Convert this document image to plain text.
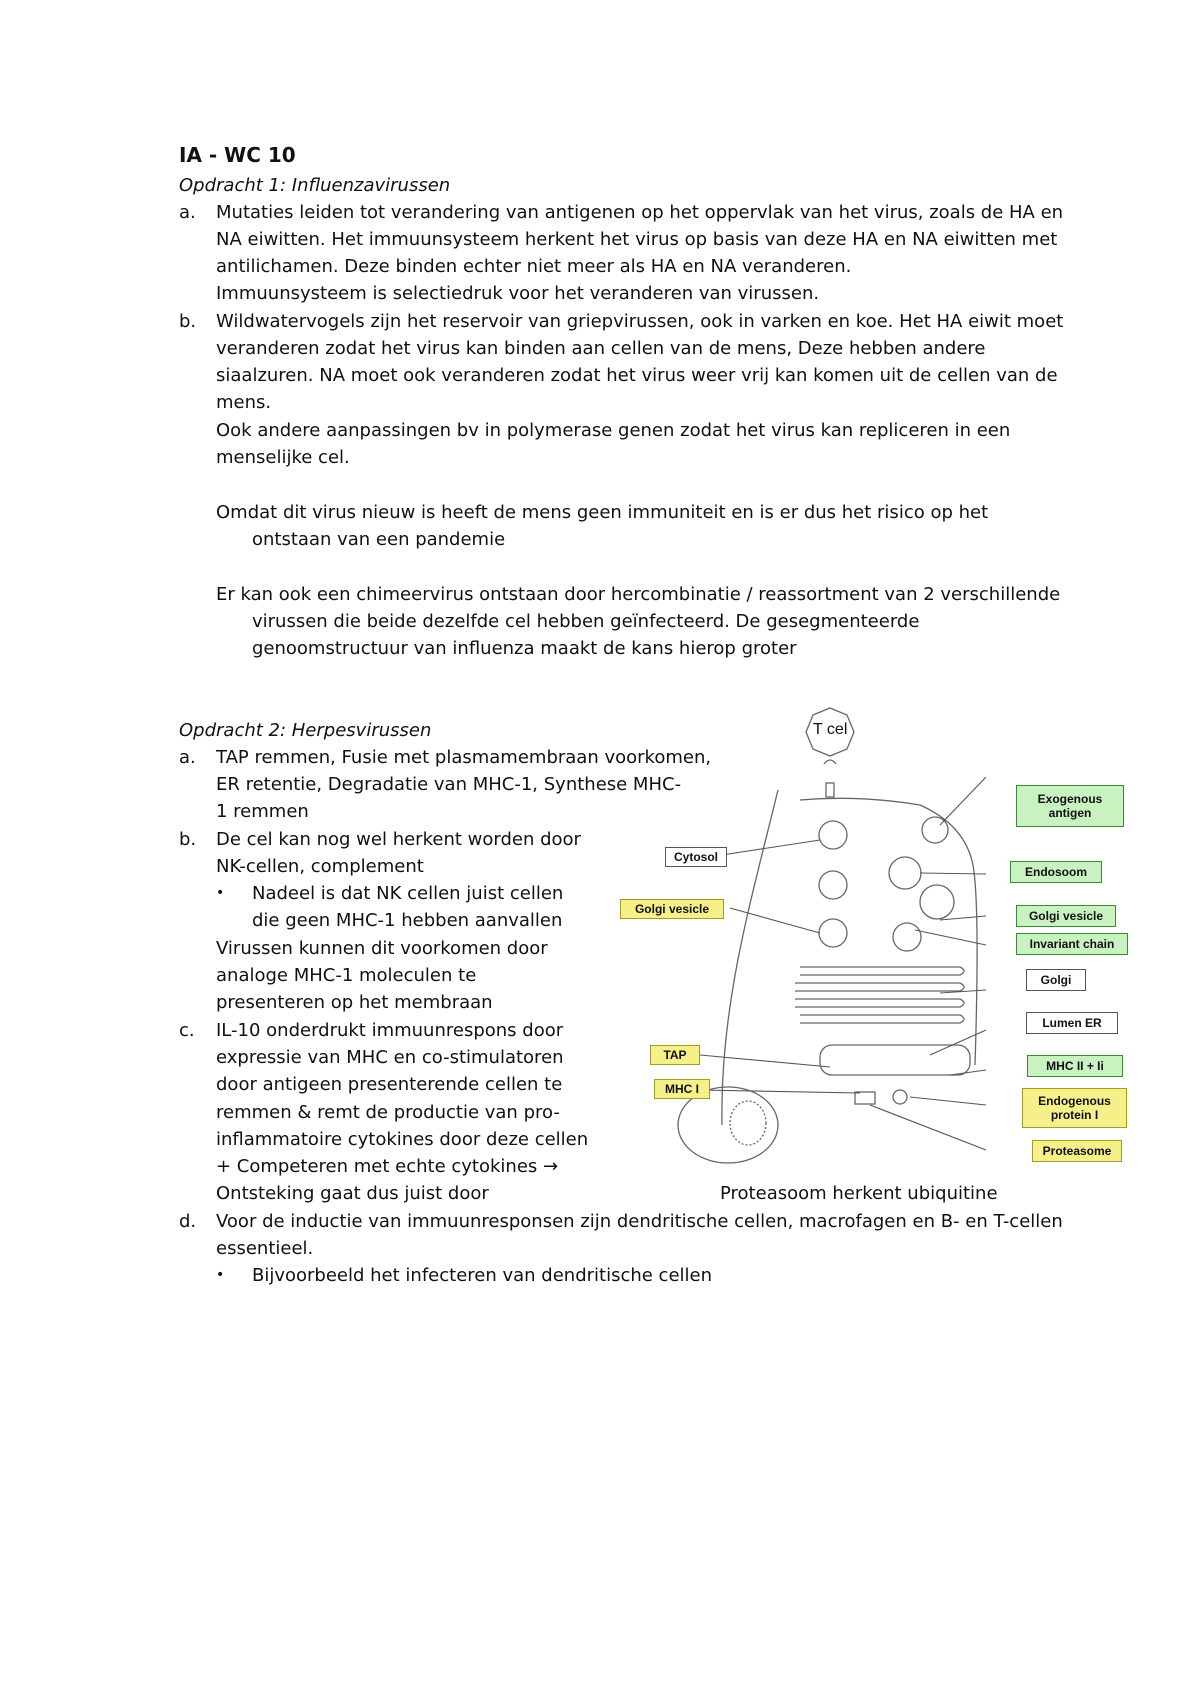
IA - WC 10
Opdracht 1: Influenzavirussen
a. Mutaties leiden tot verandering van antigenen op het oppervlak van het virus, zoals de HA en
NA eiwitten. Het immuunsysteem herkent het virus op basis van deze HA en NA eiwitten met
antilichamen. Deze binden echter niet meer als HA en NA veranderen.
Immuunsysteem is selectiedruk voor het veranderen van virussen.
b. Wildwatervogels zijn het reservoir van griepvirussen, ook in varken en koe. Het HA eiwit moet
veranderen zodat het virus kan binden aan cellen van de mens, Deze hebben andere
siaalzuren. NA moet ook veranderen zodat het virus weer vrij kan komen uit de cellen van de
mens.
Ook andere aanpassingen bv in polymerase genen zodat het virus kan repliceren in een
menselijke cel.
Omdat dit virus nieuw is heeft de mens geen immuniteit en is er dus het risico op het
ontstaan van een pandemie
Er kan ook een chimeervirus ontstaan door hercombinatie / reassortment van 2 verschillende
virussen die beide dezelfde cel hebben geïnfecteerd. De gesegmenteerde
genoomstructuur van influenza maakt de kans hierop groter
Opdracht 2: Herpesvirussen
a. TAP remmen, Fusie met plasmamembraan voorkomen,
ER retentie, Degradatie van MHC-1, Synthese MHC-
1 remmen
b. De cel kan nog wel herkent worden door
NK-cellen, complement
• Nadeel is dat NK cellen juist cellen
die geen MHC-1 hebben aanvallen
Virussen kunnen dit voorkomen door
analoge MHC-1 moleculen te
presenteren op het membraan
c. IL-10 onderdrukt immuunrespons door
expressie van MHC en co-stimulatoren
door antigeen presenterende cellen te
remmen & remt de productie van pro-
inflammatoire cytokines door deze cellen
+ Competeren met echte cytokines →
Ontsteking gaat dus juist door	Proteasoom herkent ubiquitine
d. Voor de inductie van immuunresponsen zijn dendritische cellen, macrofagen en B- en T-cellen
essentieel.
• Bijvoorbeeld het infecteren van dendritische cellen
T cel
Exogenous antigen
Endosoom
Golgi vesicle
Invariant chain
Golgi
Lumen ER
MHC II + Ii
Endogenous protein I
Proteasome
Cytosol
Golgi vesicle
TAP
MHC I
